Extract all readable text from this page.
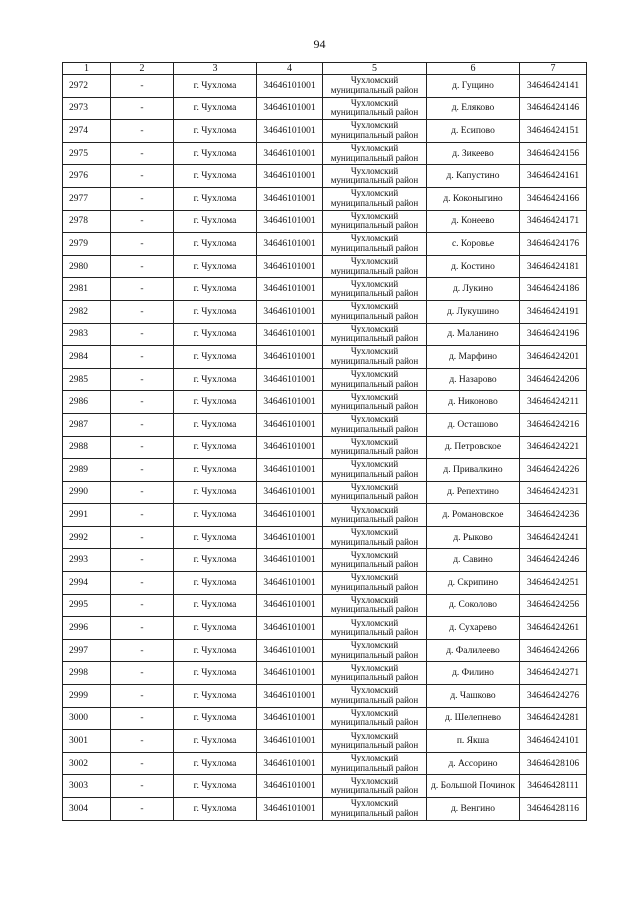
94
1	2	3	4	5	6	7
2972	-	г. Чухлома	34646101001	Чухломский муниципальный район	д. Гущино	34646424141
2973	-	г. Чухлома	34646101001	Чухломский муниципальный район	д. Еляково	34646424146
2974	-	г. Чухлома	34646101001	Чухломский муниципальный район	д. Есипово	34646424151
2975	-	г. Чухлома	34646101001	Чухломский муниципальный район	д. Зикеево	34646424156
2976	-	г. Чухлома	34646101001	Чухломский муниципальный район	д. Капустино	34646424161
2977	-	г. Чухлома	34646101001	Чухломский муниципальный район	д. Коконыгино	34646424166
2978	-	г. Чухлома	34646101001	Чухломский муниципальный район	д. Конеево	34646424171
2979	-	г. Чухлома	34646101001	Чухломский муниципальный район	с. Коровье	34646424176
2980	-	г. Чухлома	34646101001	Чухломский муниципальный район	д. Костино	34646424181
2981	-	г. Чухлома	34646101001	Чухломский муниципальный район	д. Лукино	34646424186
2982	-	г. Чухлома	34646101001	Чухломский муниципальный район	д. Лукушино	34646424191
2983	-	г. Чухлома	34646101001	Чухломский муниципальный район	д. Маланино	34646424196
2984	-	г. Чухлома	34646101001	Чухломский муниципальный район	д. Марфино	34646424201
2985	-	г. Чухлома	34646101001	Чухломский муниципальный район	д. Назарово	34646424206
2986	-	г. Чухлома	34646101001	Чухломский муниципальный район	д. Никоново	34646424211
2987	-	г. Чухлома	34646101001	Чухломский муниципальный район	д. Осташово	34646424216
2988	-	г. Чухлома	34646101001	Чухломский муниципальный район	д. Петровское	34646424221
2989	-	г. Чухлома	34646101001	Чухломский муниципальный район	д. Привалкино	34646424226
2990	-	г. Чухлома	34646101001	Чухломский муниципальный район	д. Репехтино	34646424231
2991	-	г. Чухлома	34646101001	Чухломский муниципальный район	д. Романовское	34646424236
2992	-	г. Чухлома	34646101001	Чухломский муниципальный район	д. Рыково	34646424241
2993	-	г. Чухлома	34646101001	Чухломский муниципальный район	д. Савино	34646424246
2994	-	г. Чухлома	34646101001	Чухломский муниципальный район	д. Скрипино	34646424251
2995	-	г. Чухлома	34646101001	Чухломский муниципальный район	д. Соколово	34646424256
2996	-	г. Чухлома	34646101001	Чухломский муниципальный район	д. Сухарево	34646424261
2997	-	г. Чухлома	34646101001	Чухломский муниципальный район	д. Фалилеево	34646424266
2998	-	г. Чухлома	34646101001	Чухломский муниципальный район	д. Филино	34646424271
2999	-	г. Чухлома	34646101001	Чухломский муниципальный район	д. Чашково	34646424276
3000	-	г. Чухлома	34646101001	Чухломский муниципальный район	д. Шелепнево	34646424281
3001	-	г. Чухлома	34646101001	Чухломский муниципальный район	п. Якша	34646424101
3002	-	г. Чухлома	34646101001	Чухломский муниципальный район	д. Ассорино	34646428106
3003	-	г. Чухлома	34646101001	Чухломский муниципальный район	д. Большой Починок	34646428111
3004	-	г. Чухлома	34646101001	Чухломский муниципальный район	д. Венгино	34646428116
